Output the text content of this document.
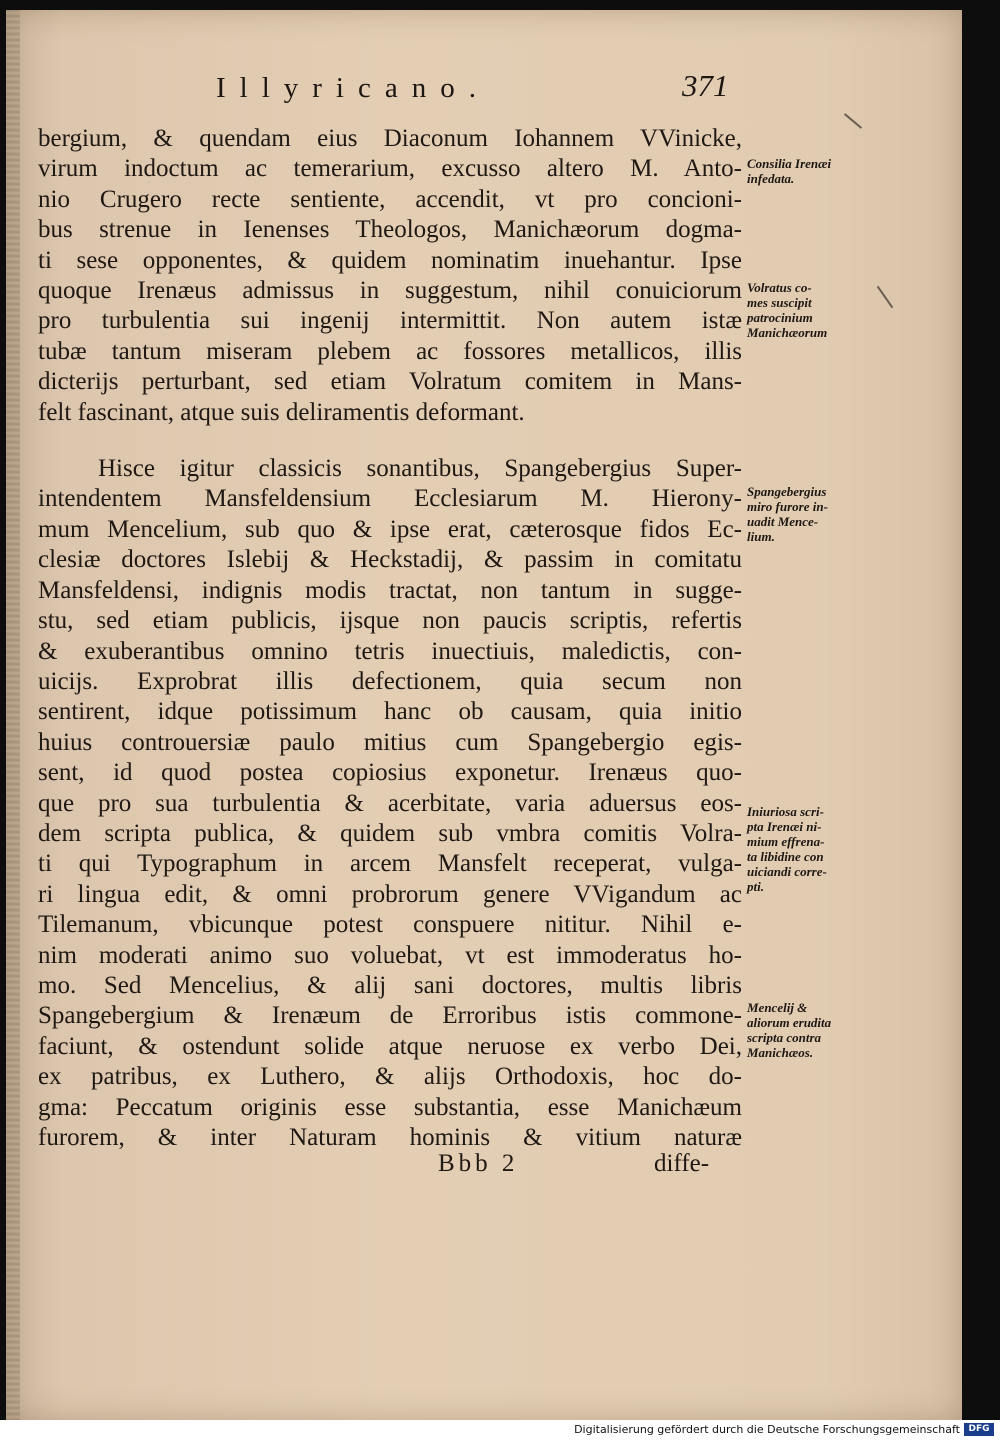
Illyricano.	371
bergium, & quendam eius Diaconum Iohannem VVinicke,
virum indoctum ac temerarium, excusso altero M. Anto-
nio Crugero recte sentiente, accendit, vt pro concioni-
bus strenue in Ienenses Theologos, Manichæorum dogma-
ti sese opponentes, & quidem nominatim inuehantur. Ipse
quoque Irenæus admissus in suggestum, nihil conuiciorum
pro turbulentia sui ingenij intermittit. Non autem istæ
tubæ tantum miseram plebem ac fossores metallicos, illis
dicterijs perturbant, sed etiam Volratum comitem in Mans-
felt fascinant, atque suis deliramentis deformant.
Hisce igitur classicis sonantibus, Spangebergius Super-
intendentem Mansfeldensium Ecclesiarum M. Hierony-
mum Mencelium, sub quo & ipse erat, cæterosque fidos Ec-
clesiæ doctores Islebij & Heckstadij, & passim in comitatu
Mansfeldensi, indignis modis tractat, non tantum in sugge-
stu, sed etiam publicis, ijsque non paucis scriptis, refertis
& exuberantibus omnino tetris inuectiuis, maledictis, con-
uicijs. Exprobrat illis defectionem, quia secum non
sentirent, idque potissimum hanc ob causam, quia initio
huius controuersiæ paulo mitius cum Spangebergio egis-
sent, id quod postea copiosius exponetur. Irenæus quo-
que pro sua turbulentia & acerbitate, varia aduersus eos-
dem scripta publica, & quidem sub vmbra comitis Volra-
ti qui Typographum in arcem Mansfelt receperat, vulga-
ri lingua edit, & omni probrorum genere VVigandum ac
Tilemanum, vbicunque potest conspuere nititur. Nihil e-
nim moderati animo suo voluebat, vt est immoderatus ho-
mo. Sed Mencelius, & alij sani doctores, multis libris
Spangebergium & Irenæum de Erroribus istis commone-
faciunt, & ostendunt solide atque neruose ex verbo Dei,
ex patribus, ex Luthero, & alijs Orthodoxis, hoc do-
gma: Peccatum originis esse substantia, esse Manichæum
furorem, & inter Naturam hominis & vitium naturæ
Consilia Irenæi
infedata.
Volratus co-
mes suscipit
patrocinium
Manichæorum
Spangebergius
miro furore in-
uadit Mence-
lium.
Iniuriosa scri-
pta Irenæi ni-
mium effrena-
ta libidine con
uiciandi corre-
pti.
Mencelij &
aliorum erudita
scripta contra
Manichæos.
Bbb 2	diffe-
Digitalisierung gefördert durch die Deutsche Forschungsgemeinschaft DFG
